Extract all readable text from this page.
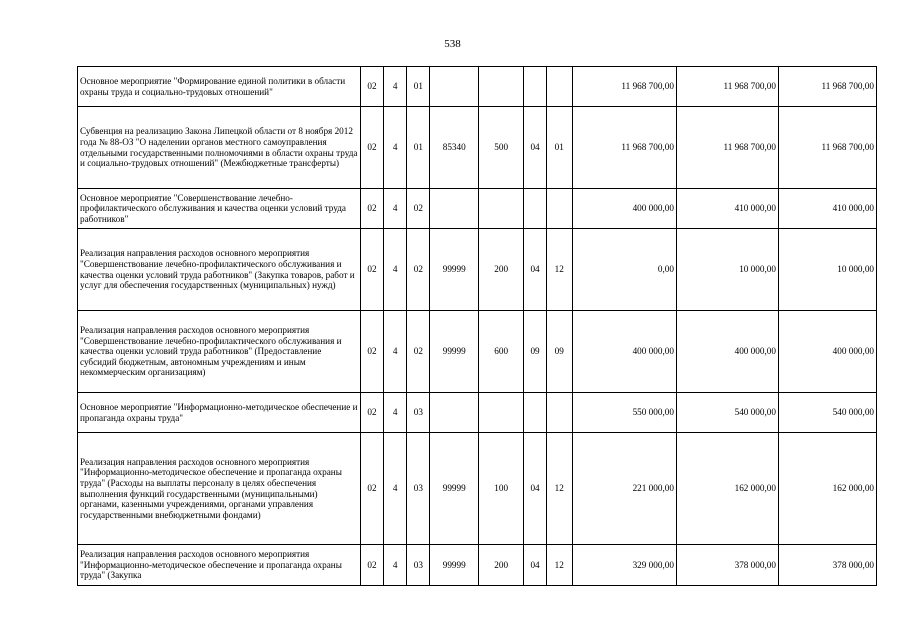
538
Основное мероприятие "Формирование единой политики в области охраны труда и социально-трудовых отношений"	02	4	01					11 968 700,00	11 968 700,00	11 968 700,00
Субвенция на реализацию Закона Липецкой области от 8 ноября 2012 года № 88-ОЗ "О наделении органов местного самоуправления отдельными государственными полномочиями в области охраны труда и социально-трудовых отношений" (Межбюджетные трансферты)	02	4	01	85340	500	04	01	11 968 700,00	11 968 700,00	11 968 700,00
Основное мероприятие "Совершенствование лечебно-профилактического обслуживания и качества оценки условий труда работников"	02	4	02					400 000,00	410 000,00	410 000,00
Реализация направления расходов основного мероприятия "Совершенствование лечебно-профилактического обслуживания и качества оценки условий труда работников" (Закупка товаров, работ и услуг для обеспечения государственных (муниципальных) нужд)	02	4	02	99999	200	04	12	0,00	10 000,00	10 000,00
Реализация направления расходов основного мероприятия "Совершенствование лечебно-профилактического обслуживания и качества оценки условий труда работников" (Предоставление субсидий бюджетным, автономным учреждениям и иным некоммерческим организациям)	02	4	02	99999	600	09	09	400 000,00	400 000,00	400 000,00
Основное мероприятие "Информационно-методическое обеспечение и пропаганда охраны труда"	02	4	03					550 000,00	540 000,00	540 000,00
Реализация направления расходов основного мероприятия "Информационно-методическое обеспечение и пропаганда охраны труда" (Расходы на выплаты персоналу в целях обеспечения выполнения функций государственными (муниципальными) органами, казенными учреждениями, органами управления государственными внебюджетными фондами)	02	4	03	99999	100	04	12	221 000,00	162 000,00	162 000,00
Реализация направления расходов основного мероприятия "Информационно-методическое обеспечение и пропаганда охраны труда" (Закупка	02	4	03	99999	200	04	12	329 000,00	378 000,00	378 000,00
